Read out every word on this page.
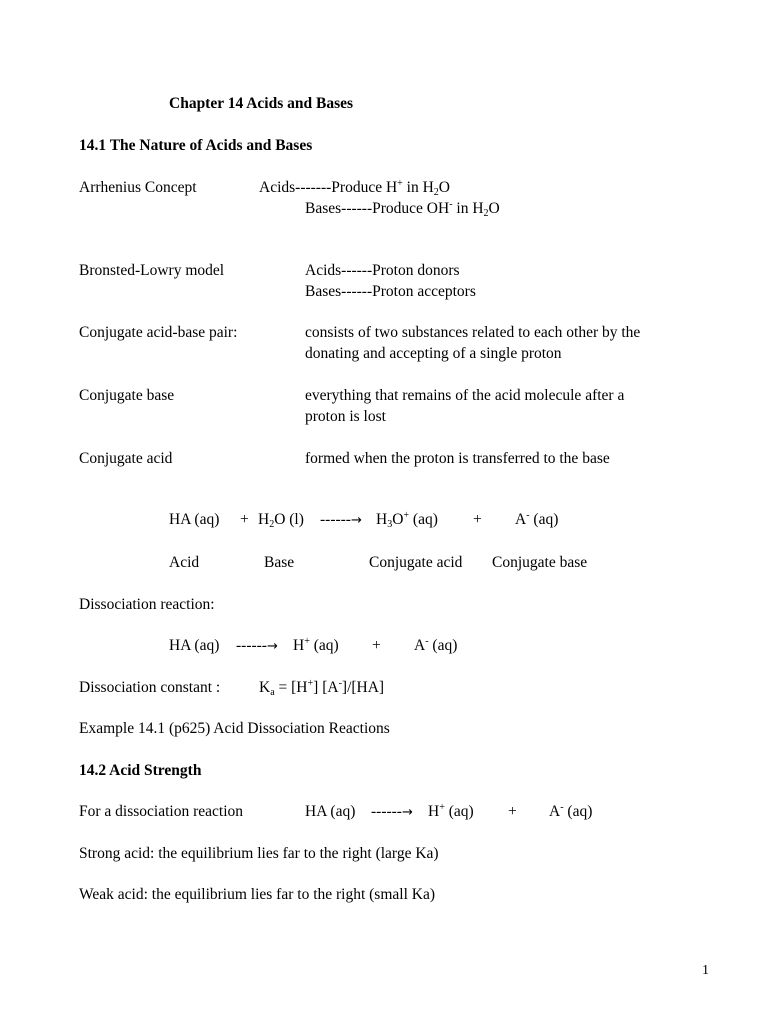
Chapter 14 Acids and Bases
14.1 The Nature of Acids and Bases
Arrhenius Concept	Acids-------Produce H+ in $H_2O$
Bases------Produce OH- in $H_2O$
Bronsted-Lowry model	Acids------Proton donors
Bases------Proton acceptors
Conjugate acid-base pair:	consists of two substances related to each other by the
donating and accepting of a single proton
Conjugate base	everything that remains of the acid molecule after a
proton is lost
Conjugate acid	formed when the proton is transferred to the base
HA $(aq) + H_2O$ (l) ------→ $H_3O^+$ (aq) + A- (aq)
Acid	Base	Conjugate acid Conjugate base
Dissociation reaction:
HA (aq) ------→ H+ (aq) + A- (aq)
Dissociation constant :	$K_a = [H^+]$ [A-]/[HA]
Example 14.1 (p625) Acid Dissociation Reactions
14.2 Acid Strength
For a dissociation reaction	HA (aq) ------→ H+ (aq) + A- (aq)
Strong acid: the equilibrium lies far to the right (large Ka)
Weak acid: the equilibrium lies far to the right (small Ka)
1
